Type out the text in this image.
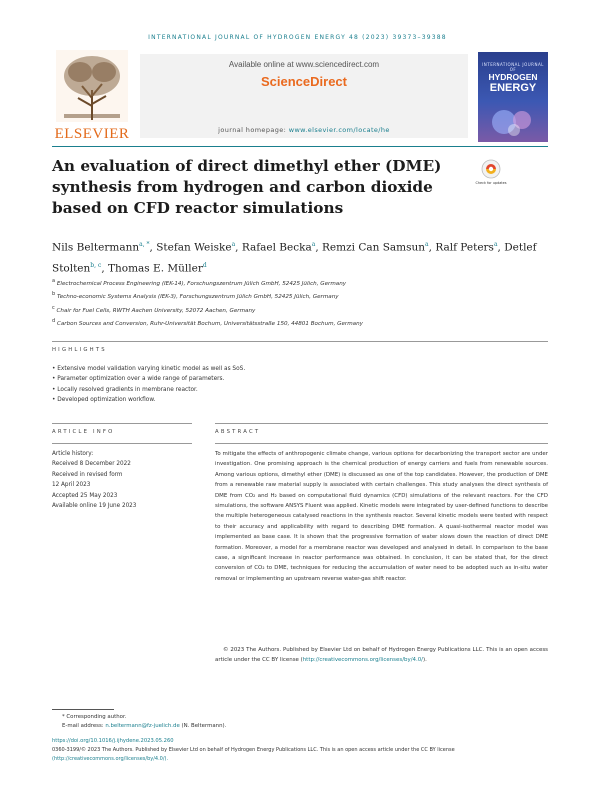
INTERNATIONAL JOURNAL OF HYDROGEN ENERGY 48 (2023) 39373–39388
ELSEVIER
Available online at www.sciencedirect.com
ScienceDirect
journal homepage: www.elsevier.com/locate/he
INTERNATIONAL JOURNAL OF
HYDROGEN
ENERGY
An evaluation of direct dimethyl ether (DME) synthesis from hydrogen and carbon dioxide based on CFD reactor simulations
Check for updates
Nils Beltermann$^{a, *}$, Stefan Weiske$^a$, Rafael Becka$^a$, Remzi Can Samsun$^a$, Ralf Peters$^a$, Detlef Stolten$^{b, c}$, Thomas E. Müller$^d$
a Electrochemical Process Engineering (IEK-14), Forschungszentrum Jülich GmbH, 52425 Jülich, Germany
b Techno-economic Systems Analysis (IEK-3), Forschungszentrum Jülich GmbH, 52425 Jülich, Germany
c Chair for Fuel Cells, RWTH Aachen University, 52072 Aachen, Germany
d Carbon Sources and Conversion, Ruhr-Universität Bochum, Universitätsstraße 150, 44801 Bochum, Germany
HIGHLIGHTS
• Extensive model validation varying kinetic model as well as SoS.
• Parameter optimization over a wide range of parameters.
• Locally resolved gradients in membrane reactor.
• Developed optimization workflow.
ARTICLE INFO	ABSTRACT
Article history:
Received 8 December 2022
Received in revised form
12 April 2023
Accepted 25 May 2023
Available online 19 June 2023
To mitigate the effects of anthropogenic climate change, various options for decarbonizing the transport sector are under investigation. One promising approach is the chemical production of energy carriers and fuels from renewable sources. Among various options, dimethyl ether (DME) is discussed as one of the top candidates. However, the production of DME from a renewable raw material supply is associated with certain challenges. This study analyses the direct synthesis of DME from CO₂ and H₂ based on computational fluid dynamics (CFD) simulations of the relevant reactors. For the CFD simulations, the software ANSYS Fluent was applied. Kinetic models were integrated by user-defined functions to describe the multiple heterogeneous catalysed reactions in the synthesis reactor. Several kinetic models were tested with respect to their accuracy and applicability with regard to describing DME formation. A quasi-isothermal reactor model was implemented as base case. It is shown that the progressive formation of water slows down the reaction of direct DME formation. Moreover, a model for a membrane reactor was developed and analysed in detail. In comparison to the base case, a significant increase in reactor performance was obtained. In conclusion, it can be stated that, for the direct conversion of CO₂ to DME, techniques for reducing the accumulation of water need to be adopted such as in-situ water removal or implementing an upstream reverse water-gas shift reactor.
© 2023 The Authors. Published by Elsevier Ltd on behalf of Hydrogen Energy Publications LLC. This is an open access article under the CC BY license (http://creativecommons.org/licenses/by/4.0/).
* Corresponding author.
E-mail address: n.beltermann@fz-juelich.de (N. Beltermann).
https://doi.org/10.1016/j.ijhydene.2023.05.260
0360-3199/© 2023 The Authors. Published by Elsevier Ltd on behalf of Hydrogen Energy Publications LLC. This is an open access article under the CC BY license (http://creativecommons.org/licenses/by/4.0/).
